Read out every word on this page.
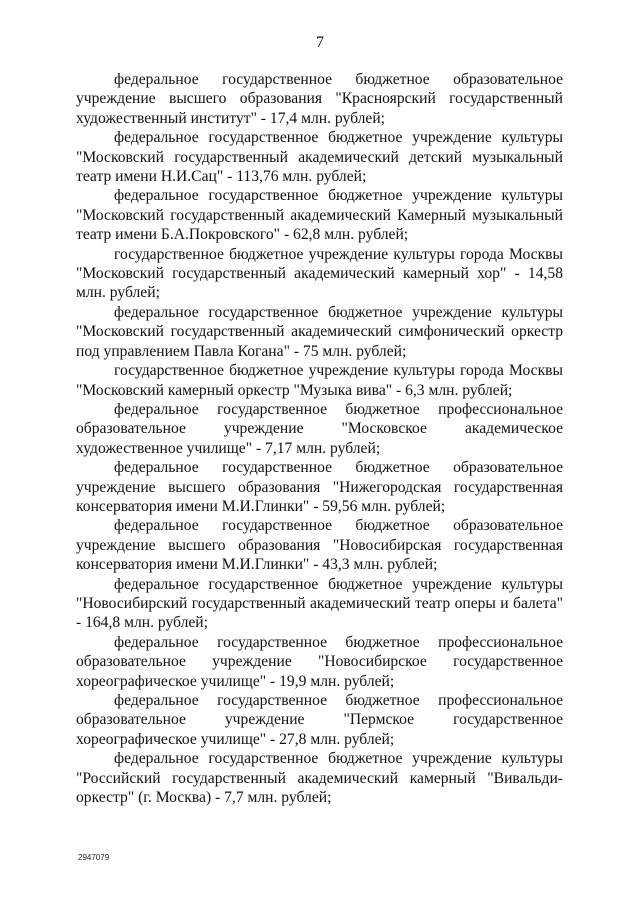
7

федеральное государственное бюджетное образовательное учреждение высшего образования "Красноярский государственный художественный институт" - 17,4 млн. рублей;

федеральное государственное бюджетное учреждение культуры "Московский государственный академический детский музыкальный театр имени Н.И.Сац" - 113,76 млн. рублей;

федеральное государственное бюджетное учреждение культуры "Московский государственный академический Камерный музыкальный театр имени Б.А.Покровского" - 62,8 млн. рублей;

государственное бюджетное учреждение культуры города Москвы "Московский государственный академический камерный хор" - 14,58 млн. рублей;

федеральное государственное бюджетное учреждение культуры "Московский государственный академический симфонический оркестр под управлением Павла Когана" - 75 млн. рублей;

государственное бюджетное учреждение культуры города Москвы "Московский камерный оркестр "Музыка вива" - 6,3 млн. рублей;

федеральное государственное бюджетное профессиональное образовательное учреждение "Московское академическое художественное училище" - 7,17 млн. рублей;

федеральное государственное бюджетное образовательное учреждение высшего образования "Нижегородская государственная консерватория имени М.И.Глинки" - 59,56 млн. рублей;

федеральное государственное бюджетное образовательное учреждение высшего образования "Новосибирская государственная консерватория имени М.И.Глинки" - 43,3 млн. рублей;

федеральное государственное бюджетное учреждение культуры "Новосибирский государственный академический театр оперы и балета" - 164,8 млн. рублей;

федеральное государственное бюджетное профессиональное образовательное учреждение "Новосибирское государственное хореографическое училище" - 19,9 млн. рублей;

федеральное государственное бюджетное профессиональное образовательное учреждение "Пермское государственное хореографическое училище" - 27,8 млн. рублей;

федеральное государственное бюджетное учреждение культуры "Российский государственный академический камерный "Вивальди-оркестр" (г. Москва) - 7,7 млн. рублей;

2947079
